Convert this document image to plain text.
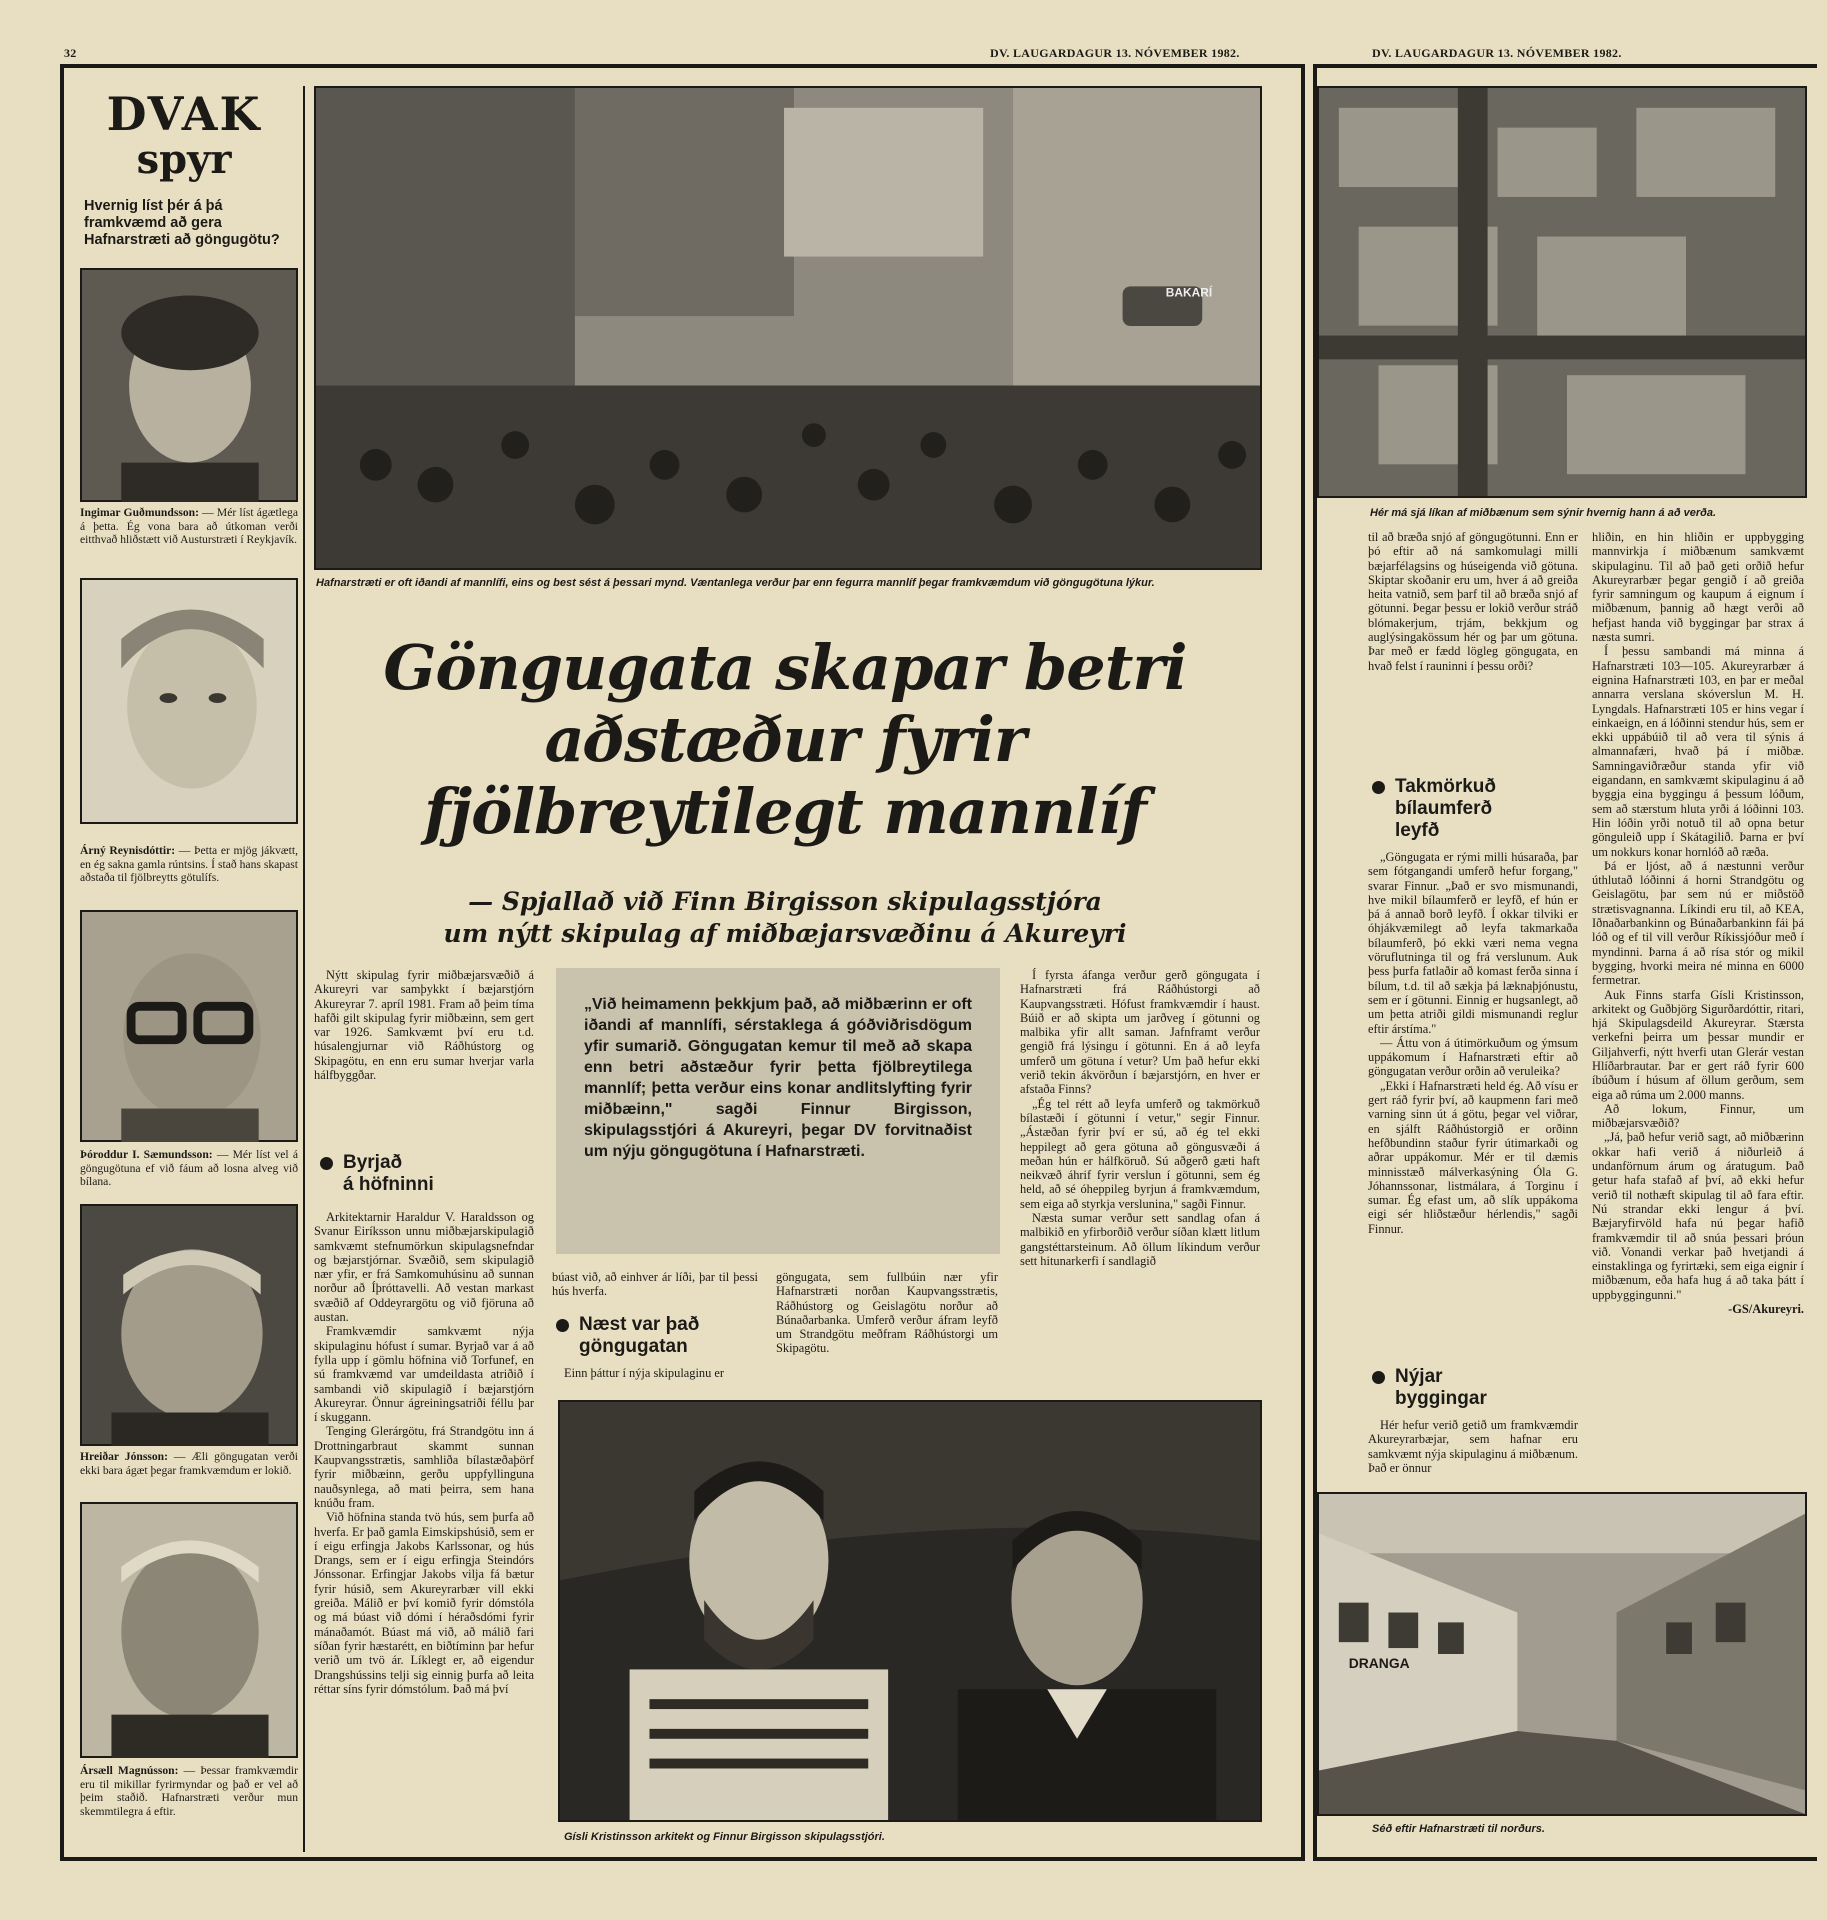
32	DV. LAUGARDAGUR 13. NÓVEMBER 1982.	DV. LAUGARDAGUR 13. NÓVEMBER 1982.
DVAK
spyr
Hvernig líst þér á þá framkvæmd að gera Hafnarstræti að göngugötu?
Ingimar Guðmundsson: — Mér líst ágætlega á þetta. Ég vona bara að útkoman verði eitthvað hliðstætt við Austurstræti í Reykjavík.
Árný Reynisdóttir: — Þetta er mjög jákvætt, en ég sakna gamla rúntsins. Í stað hans skapast aðstaða til fjölbreytts götulífs.
Þóroddur I. Sæmundsson: — Mér líst vel á göngugötuna ef við fáum að losna alveg við bílana.
Hreiðar Jónsson: — Æli göngugatan verði ekki bara ágæt þegar framkvæmdum er lokið.
Ársæll Magnússon: — Þessar framkvæmdir eru til mikillar fyrirmyndar og það er vel að þeim staðið. Hafnarstræti verður mun skemmtilegra á eftir.
BAKARÍ
Hafnarstræti er oft iðandi af mannlífi, eins og best sést á þessari mynd. Væntanlega verður þar enn fegurra mannlíf þegar framkvæmdum við göngugötuna lýkur.
Göngugata skapar betri aðstæður fyrir fjölbreytilegt mannlíf
— Spjallað við Finn Birgisson skipulagsstjóra
um nýtt skipulag af miðbæjarsvæðinu á Akureyri

Nýtt skipulag fyrir miðbæjarsvæðið á Akureyri var samþykkt í bæjarstjórn Akureyrar 7. apríl 1981. Fram að þeim tíma hafði gilt skipulag fyrir miðbæinn, sem gert var 1926. Samkvæmt því eru t.d. húsalengjurnar við Ráðhústorg og Skipagötu, en enn eru sumar hverjar varla hálfbyggðar.

Byrjað
á höfninni

Arkitektarnir Haraldur V. Haraldsson og Svanur Eiríksson unnu miðbæjarskipulagið samkvæmt stefnumörkun skipulagsnefndar og bæjarstjórnar. Svæðið, sem skipulagið nær yfir, er frá Samkomuhúsinu að sunnan norður að Íþróttavelli. Að vestan markast svæðið af Oddeyrargötu og við fjöruna að austan.

Framkvæmdir samkvæmt nýja skipulaginu hófust í sumar. Byrjað var á að fylla upp í gömlu höfnina við Torfunef, en sú framkvæmd var umdeildasta atriðið í sambandi við skipulagið í bæjarstjórn Akureyrar. Önnur ágreiningsatriði féllu þar í skuggann.

Tenging Glerárgötu, frá Strandgötu inn á Drottningarbraut skammt sunnan Kaupvangsstrætis, samhliða bílastæðaþörf fyrir miðbæinn, gerðu uppfyllinguna nauðsynlega, að mati þeirra, sem hana knúðu fram.

Við höfnina standa tvö hús, sem þurfa að hverfa. Er það gamla Eimskipshúsið, sem er í eigu erfingja Jakobs Karlssonar, og hús Drangs, sem er í eigu erfingja Steindórs Jónssonar. Erfingjar Jakobs vilja fá bætur fyrir húsið, sem Akureyrarbær vill ekki greiða. Málið er því komið fyrir dómstóla og má búast við dómi í héraðsdómi fyrir mánaðamót. Búast má við, að málið fari síðan fyrir hæstarétt, en biðtíminn þar hefur verið um tvö ár. Líklegt er, að eigendur Drangshússins telji sig einnig þurfa að leita réttar síns fyrir dómstólum. Það má því

„Við heimamenn þekkjum það, að miðbærinn er oft iðandi af mannlífi, sérstaklega á góðviðrisdögum yfir sumarið. Göngugatan kemur til með að skapa enn betri aðstæður fyrir þetta fjölbreytilega mannlíf; þetta verður eins konar andlitslyfting fyrir miðbæinn," sagði Finnur Birgisson, skipulagsstjóri á Akureyri, þegar DV forvitnaðist um nýju göngugötuna í Hafnarstræti.

búast við, að einhver ár líði, þar til þessi hús hverfa.

Næst var það
göngugatan

Einn þáttur í nýja skipulaginu er

göngugata, sem fullbúin nær yfir Hafnarstræti norðan Kaupvangsstrætis, Ráðhústorg og Geislagötu norður að Búnaðarbanka. Umferð verður áfram leyfð um Strandgötu meðfram Ráðhústorgi um Skipagötu.

Í fyrsta áfanga verður gerð göngugata í Hafnarstræti frá Ráðhústorgi að Kaupvangsstræti. Hófust framkvæmdir í haust. Búið er að skipta um jarðveg í götunni og malbika yfir allt saman. Jafnframt verður gengið frá lýsingu í götunni. En á að leyfa umferð um götuna í vetur? Um það hefur ekki verið tekin ákvörðun í bæjarstjórn, en hver er afstaða Finns?

„Ég tel rétt að leyfa umferð og takmörkuð bílastæði í götunni í vetur," segir Finnur. „Ástæðan fyrir því er sú, að ég tel ekki heppilegt að gera götuna að göngusvæði á meðan hún er hálfköruð. Sú aðgerð gæti haft neikvæð áhrif fyrir verslun í götunni, sem ég held, að sé óheppileg byrjun á framkvæmdum, sem eiga að styrkja verslunina," sagði Finnur.

Næsta sumar verður sett sandlag ofan á malbikið en yfirborðið verður síðan klætt litlum gangstéttarsteinum. Að öllum líkindum verður sett hitunarkerfi í sandlagið

Gísli Kristinsson arkitekt og Finnur Birgisson skipulagsstjóri.
Hér má sjá líkan af miðbænum sem sýnir hvernig hann á að verða.

til að bræða snjó af göngugötunni. Enn er þó eftir að ná samkomulagi milli bæjarfélagsins og húseigenda við götuna. Skiptar skoðanir eru um, hver á að greiða heita vatnið, sem þarf til að bræða snjó af götunni. Þegar þessu er lokið verður stráð blómakerjum, trjám, bekkjum og auglýsingakössum hér og þar um götuna. Þar með er fædd lögleg göngugata, en hvað felst í rauninni í þessu orði?

Takmörkuð
bílaumferð
leyfð

„Göngugata er rými milli húsaraða, þar sem fótgangandi umferð hefur forgang," svarar Finnur. „Það er svo mismunandi, hve mikil bílaumferð er leyfð, ef hún er þá á annað borð leyfð. Í okkar tilviki er óhjákvæmilegt að leyfa takmarkaða bílaumferð, þó ekki væri nema vegna vöruflutninga til og frá verslunum. Auk þess þurfa fatlaðir að komast ferða sinna í bílum, t.d. til að sækja þá læknaþjónustu, sem er í götunni. Einnig er hugsanlegt, að um þetta atriði gildi mismunandi reglur eftir árstíma."

— Áttu von á útimörkuðum og ýmsum uppákomum í Hafnarstræti eftir að göngugatan verður orðin að veruleika?

„Ekki í Hafnarstræti held ég. Að vísu er gert ráð fyrir því, að kaupmenn fari með varning sinn út á götu, þegar vel viðrar, en sjálft Ráðhústorgið er orðinn hefðbundinn staður fyrir útimarkaði og aðrar uppákomur. Mér er til dæmis minnisstæð málverkasýning Óla G. Jóhannssonar, listmálara, á Torginu í sumar. Ég efast um, að slík uppákoma eigi sér hliðstæður hérlendis," sagði Finnur.

Nýjar
byggingar

Hér hefur verið getið um framkvæmdir Akureyrarbæjar, sem hafnar eru samkvæmt nýja skipulaginu á miðbænum. Það er önnur

hliðin, en hin hliðin er uppbygging mannvirkja í miðbænum samkvæmt skipulaginu. Til að það geti orðið hefur Akureyrarbær þegar gengið í að greiða fyrir samningum og kaupum á eignum í miðbænum, þannig að hægt verði að hefjast handa við byggingar þar strax á næsta sumri.

Í þessu sambandi má minna á Hafnarstræti 103—105. Akureyrarbær á eignina Hafnarstræti 103, en þar er meðal annarra verslana skóverslun M. H. Lyngdals. Hafnarstræti 105 er hins vegar í einkaeign, en á lóðinni stendur hús, sem er ekki uppábúið til að vera til sýnis á almannafæri, hvað þá í miðbæ. Samningaviðræður standa yfir við eigandann, en samkvæmt skipulaginu á að byggja eina byggingu á þessum lóðum, sem að stærstum hluta yrði á lóðinni 103. Hin lóðin yrði notuð til að opna betur gönguleið upp í Skátagilið. Þarna er því um nokkurs konar hornlóð að ræða.

Þá er ljóst, að á næstunni verður úthlutað lóðinni á horni Strandgötu og Geislagötu, þar sem nú er miðstöð strætisvagnanna. Líkindi eru til, að KEA, Iðnaðarbankinn og Búnaðarbankinn fái þá lóð og ef til vill verður Ríkissjóður með í myndinni. Þarna á að rísa stór og mikil bygging, hvorki meira né minna en 6000 fermetrar.

Auk Finns starfa Gísli Kristinsson, arkitekt og Guðbjörg Sigurðardóttir, ritari, hjá Skipulagsdeild Akureyrar. Stærsta verkefni þeirra um þessar mundir er Giljahverfi, nýtt hverfi utan Glerár vestan Hlíðarbrautar. Þar er gert ráð fyrir 600 íbúðum í húsum af öllum gerðum, sem eiga að rúma um 2.000 manns.

Að lokum, Finnur, um miðbæjarsvæðið?

„Já, það hefur verið sagt, að miðbærinn okkar hafi verið á niðurleið á undanförnum árum og áratugum. Það getur hafa stafað af því, að ekki hefur verið til nothæft skipulag til að fara eftir. Nú strandar ekki lengur á því. Bæjaryfirvöld hafa nú þegar hafið framkvæmdir til að snúa þessari þróun við. Vonandi verkar það hvetjandi á einstaklinga og fyrirtæki, sem eiga eignir í miðbænum, eða hafa hug á að taka þátt í uppbyggingunni."

-GS/Akureyri.
DRANGA
Séð eftir Hafnarstræti til norðurs.
